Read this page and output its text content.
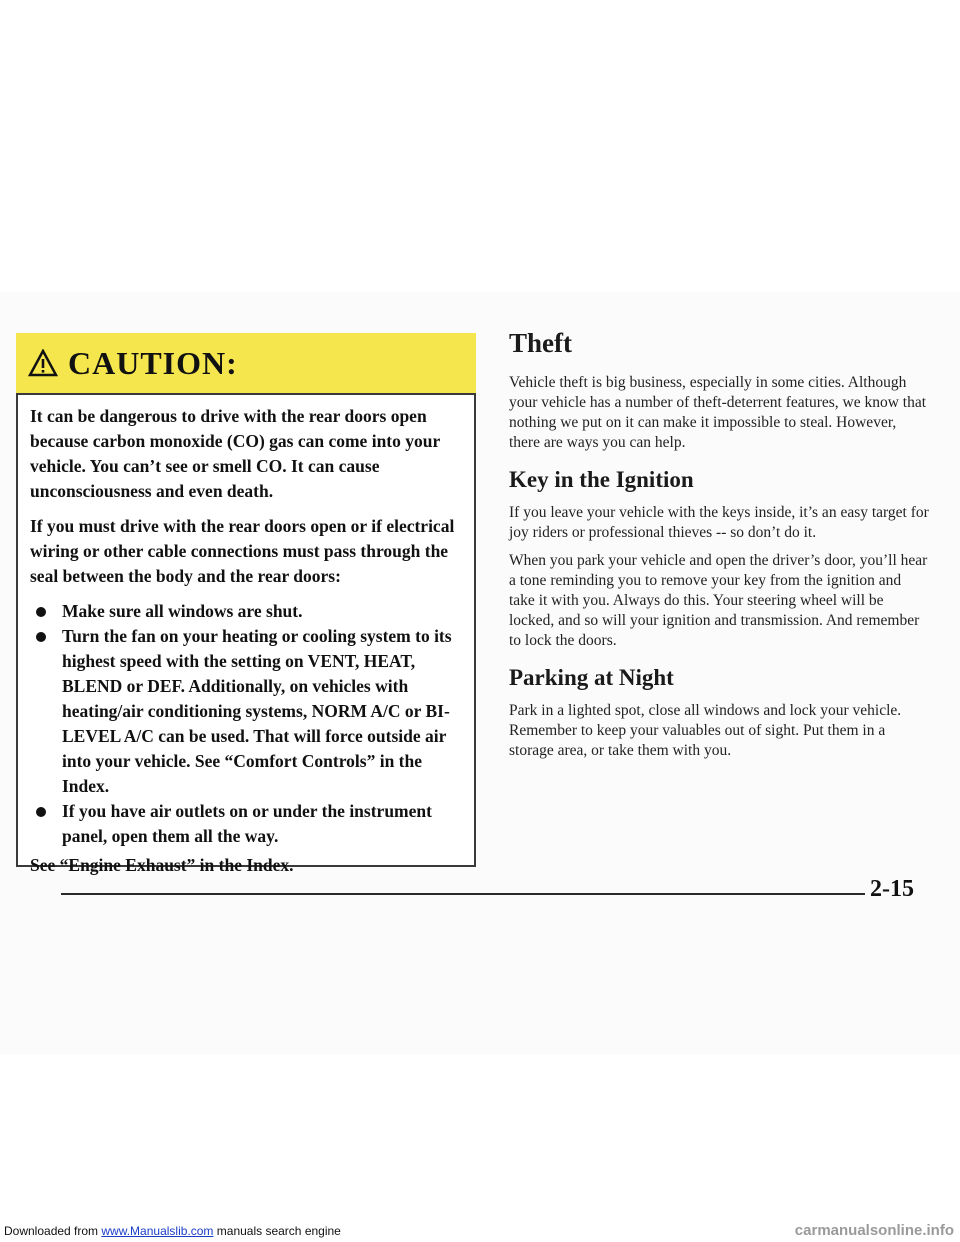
CAUTION:

It can be dangerous to drive with the rear doors open because carbon monoxide (CO) gas can come into your vehicle. You can’t see or smell CO. It can cause unconsciousness and even death.

If you must drive with the rear doors open or if electrical wiring or other cable connections must pass through the seal between the body and the rear doors:

Make sure all windows are shut.
Turn the fan on your heating or cooling system to its highest speed with the setting on VENT, HEAT, BLEND or DEF. Additionally, on vehicles with heating/air conditioning systems, NORM A/C or BI-LEVEL A/C can be used. That will force outside air into your vehicle. See “Comfort Controls” in the Index.
If you have air outlets on or under the instrument panel, open them all the way.

See “Engine Exhaust” in the Index.

Theft

Vehicle theft is big business, especially in some cities. Although your vehicle has a number of theft-deterrent features, we know that nothing we put on it can make it impossible to steal. However, there are ways you can help.

Key in the Ignition

If you leave your vehicle with the keys inside, it’s an easy target for joy riders or professional thieves -- so don’t do it.

When you park your vehicle and open the driver’s door, you’ll hear a tone reminding you to remove your key from the ignition and take it with you. Always do this. Your steering wheel will be locked, and so will your ignition and transmission. And remember to lock the doors.

Parking at Night

Park in a lighted spot, close all windows and lock your vehicle. Remember to keep your valuables out of sight. Put them in a storage area, or take them with you.

2-15
Downloaded from www.Manualslib.com manuals search engine	carmanualsonline.info
